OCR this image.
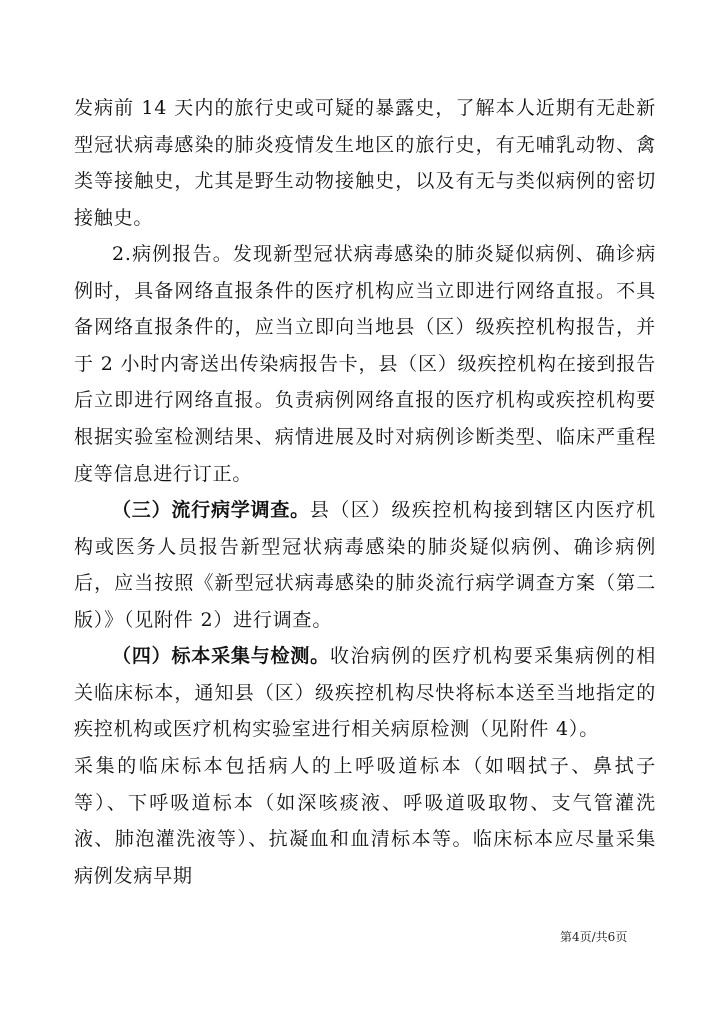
发病前 14 天内的旅行史或可疑的暴露史，了解本人近期有无赴新型冠状病毒感染的肺炎疫情发生地区的旅行史，有无哺乳动物、禽类等接触史，尤其是野生动物接触史，以及有无与类似病例的密切接触史。

2.病例报告。发现新型冠状病毒感染的肺炎疑似病例、确诊病例时，具备网络直报条件的医疗机构应当立即进行网络直报。不具备网络直报条件的，应当立即向当地县（区）级疾控机构报告，并于 2 小时内寄送出传染病报告卡，县（区）级疾控机构在接到报告后立即进行网络直报。负责病例网络直报的医疗机构或疾控机构要根据实验室检测结果、病情进展及时对病例诊断类型、临床严重程度等信息进行订正。

（三）流行病学调查。县（区）级疾控机构接到辖区内医疗机构或医务人员报告新型冠状病毒感染的肺炎疑似病例、确诊病例后，应当按照《新型冠状病毒感染的肺炎流行病学调查方案（第二版）》（见附件 2）进行调查。

（四）标本采集与检测。收治病例的医疗机构要采集病例的相关临床标本，通知县（区）级疾控机构尽快将标本送至当地指定的疾控机构或医疗机构实验室进行相关病原检测（见附件 4）。

采集的临床标本包括病人的上呼吸道标本（如咽拭子、鼻拭子等）、下呼吸道标本（如深咳痰液、呼吸道吸取物、支气管灌洗液、肺泡灌洗液等）、抗凝血和血清标本等。临床标本应尽量采集病例发病早期

第4页/共6页
